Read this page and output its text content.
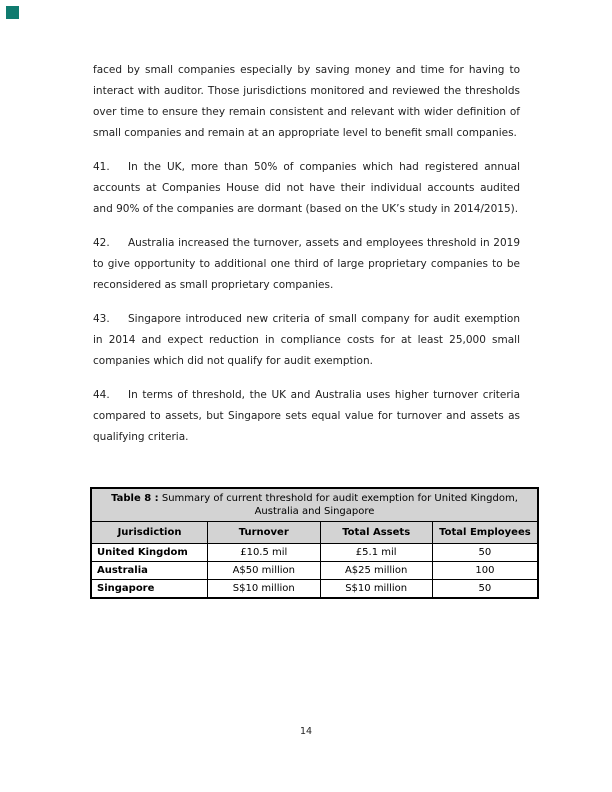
faced by small companies especially by saving money and time for having to interact with auditor. Those jurisdictions monitored and reviewed the thresholds over time to ensure they remain consistent and relevant with wider definition of small companies and remain at an appropriate level to benefit small companies.

41. In the UK, more than 50% of companies which had registered annual accounts at Companies House did not have their individual accounts audited and 90% of the companies are dormant (based on the UK’s study in 2014/2015).

42. Australia increased the turnover, assets and employees threshold in 2019 to give opportunity to additional one third of large proprietary companies to be reconsidered as small proprietary companies.

43. Singapore introduced new criteria of small company for audit exemption in 2014 and expect reduction in compliance costs for at least 25,000 small companies which did not qualify for audit exemption.

44. In terms of threshold, the UK and Australia uses higher turnover criteria compared to assets, but Singapore sets equal value for turnover and assets as qualifying criteria.

Table 8 : Summary of current threshold for audit exemption for United Kingdom, Australia and Singapore			
Jurisdiction	Turnover	Total Assets	Total Employees
United Kingdom	£10.5 mil	£5.1 mil	50
Australia	A$50 million	A$25 million	100
Singapore	S$10 million	S$10 million	50
14
